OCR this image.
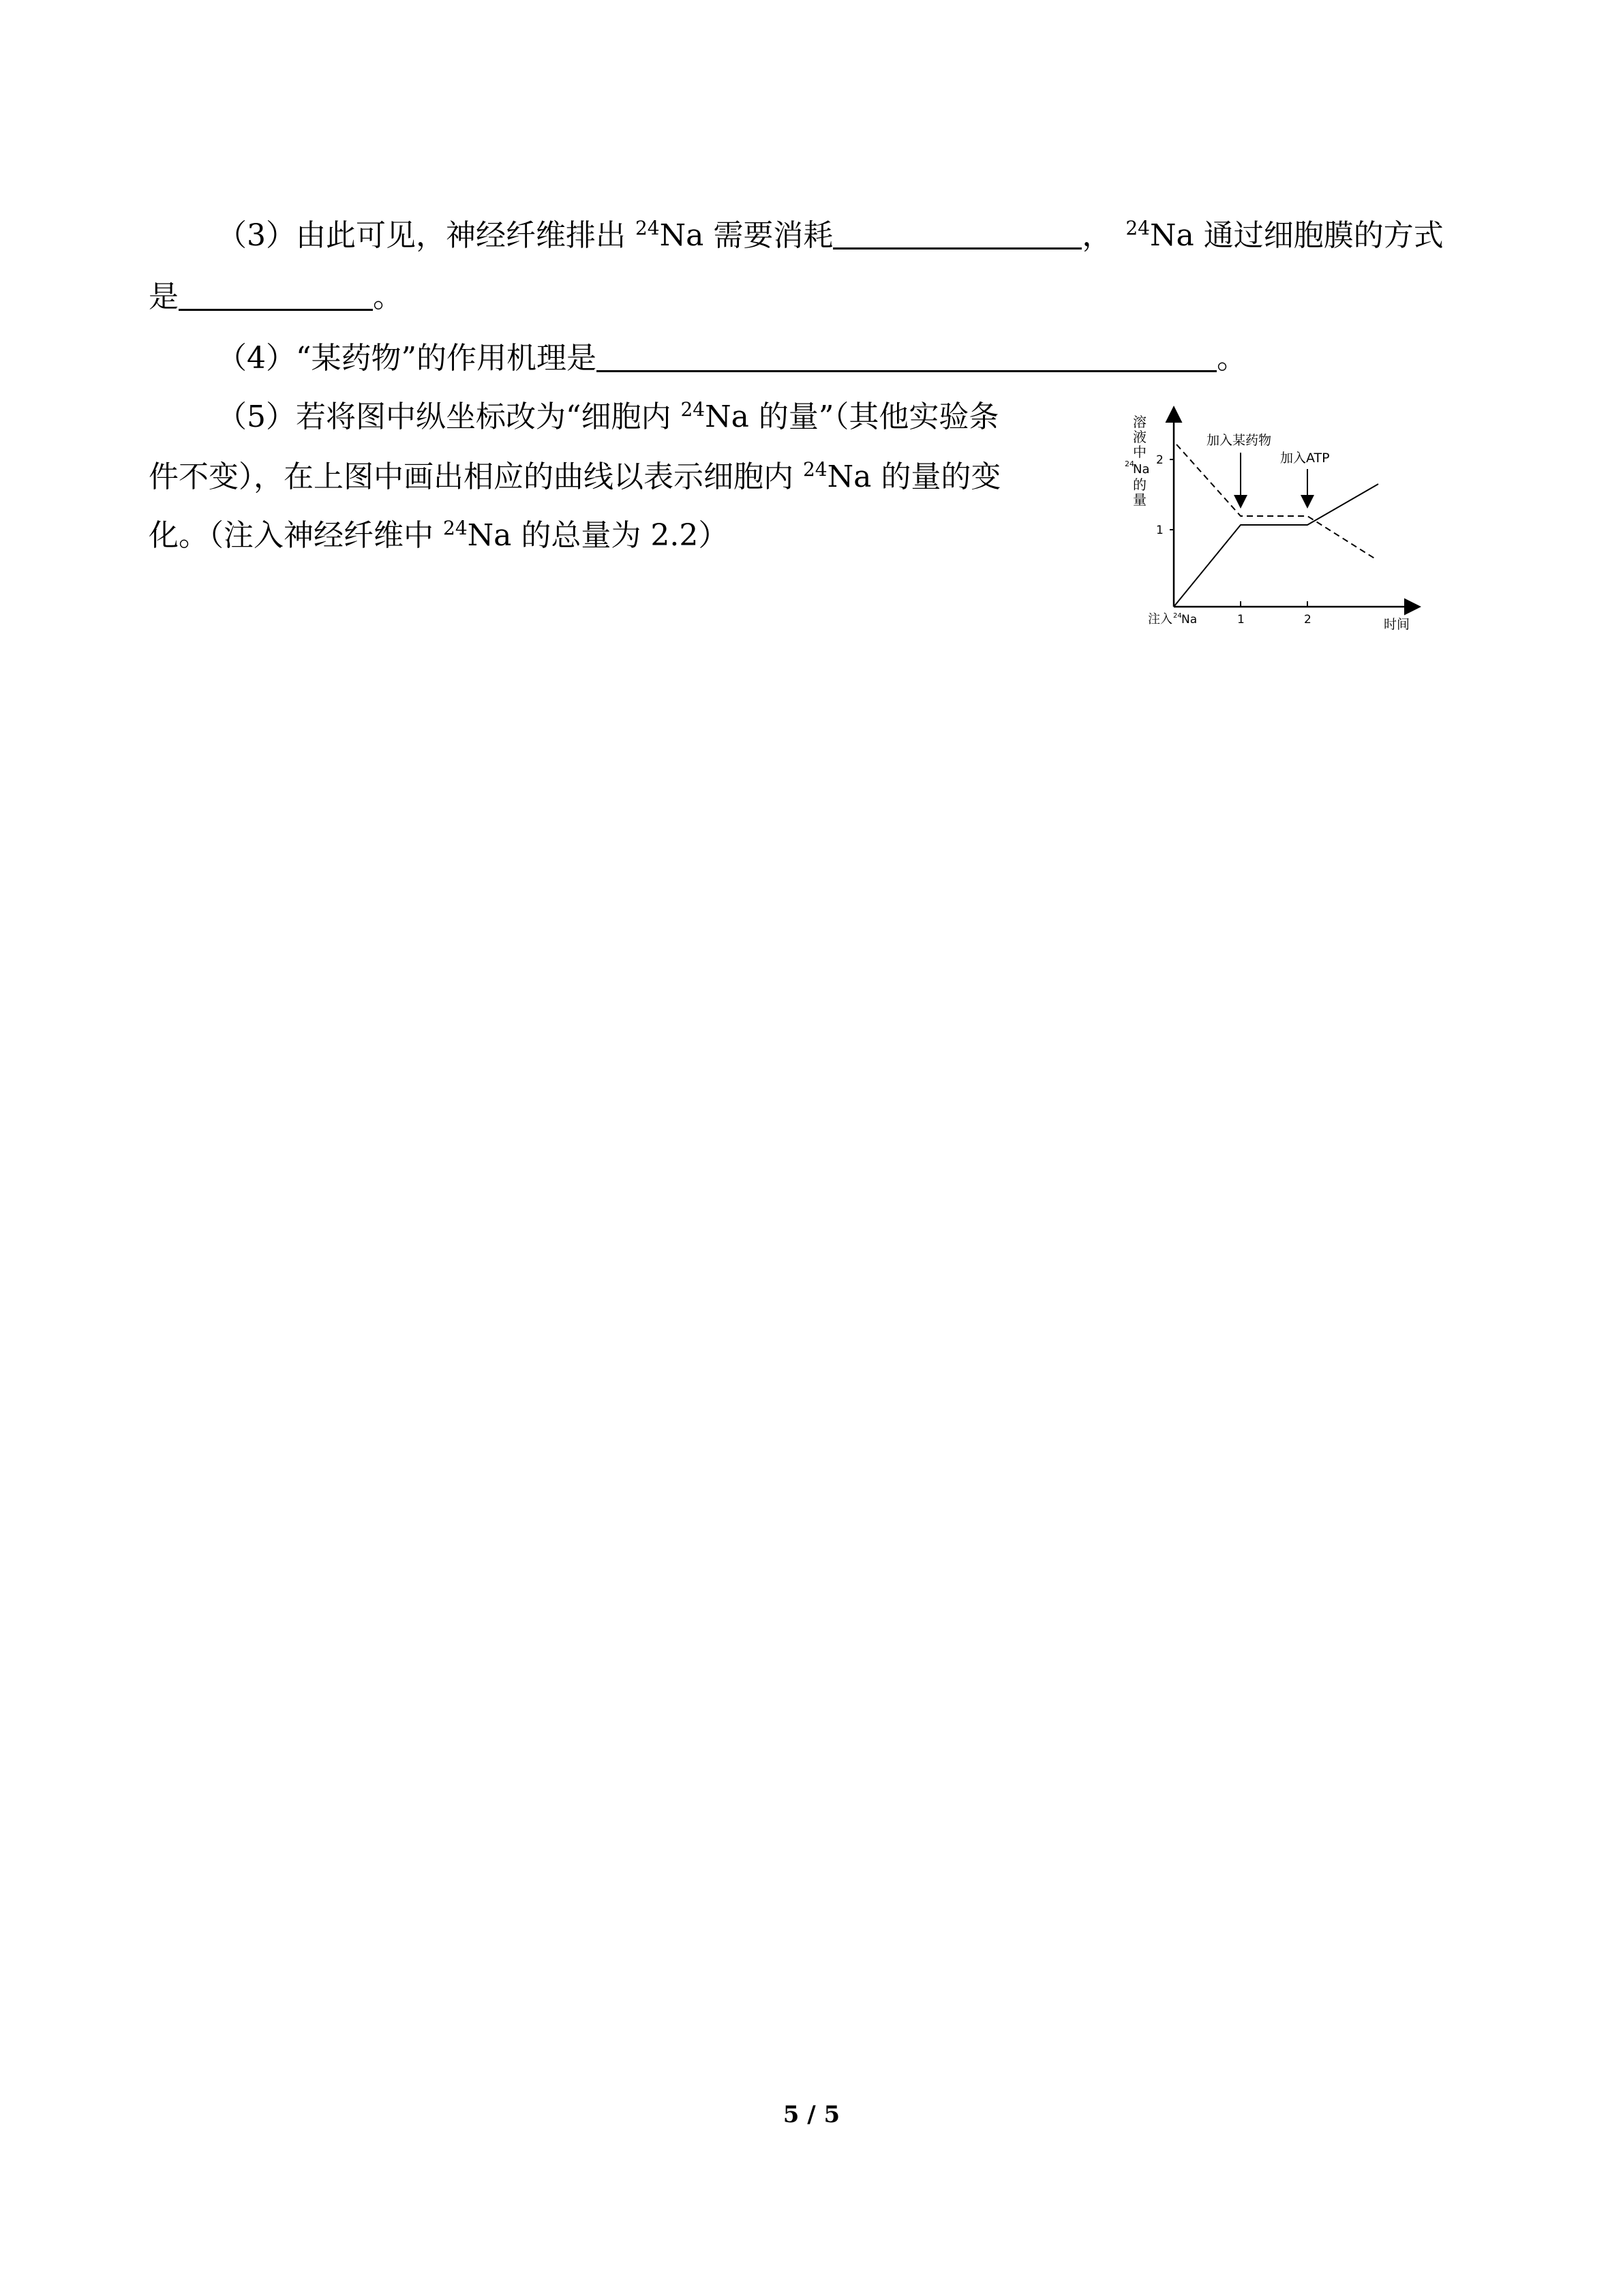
（3）由此可见，神经纤维排出 $^{24}$Na 需要消耗	， $^{24}$Na 通过细胞膜的方式
是	。
（4）“某药物”的作用机理是	。
（5）若将图中纵坐标改为“细胞内 $^{24}$Na 的量”（其他实验条
件不变），在上图中画出相应的曲线以表示细胞内 $^{24}$Na 的量的变
化。（注入神经纤维中 $^{24}$Na 的总量为 2.2）
溶
液
中
24
Na
的
量
2
1
1	2
注入 24 Na	时间
加入某药物
加入ATP
5 / 5
